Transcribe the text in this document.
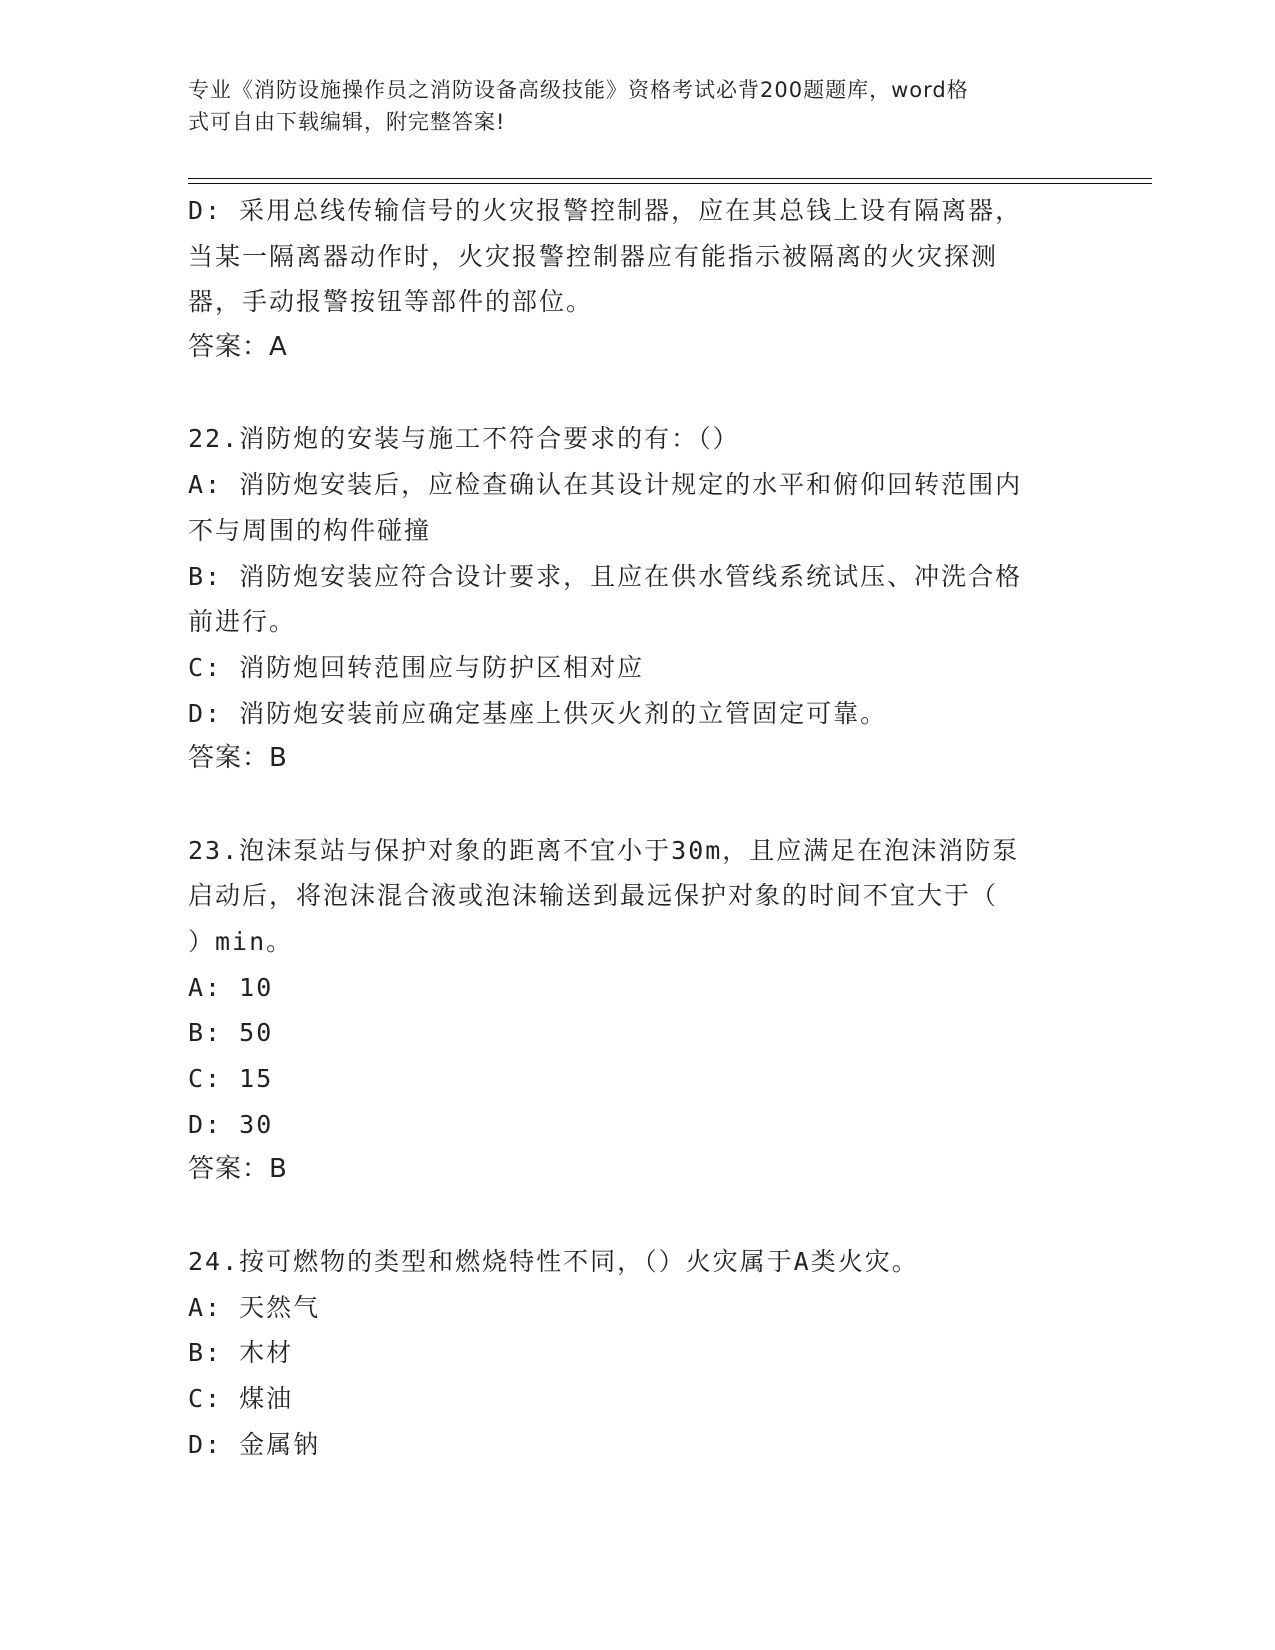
专业《消防设施操作员之消防设备高级技能》资格考试必背200题题库，word格
式可自由下载编辑，附完整答案!
D: 采用总线传输信号的火灾报警控制器，应在其总钱上设有隔离器，
当某一隔离器动作时，火灾报警控制器应有能指示被隔离的火灾探测
器，手动报警按钮等部件的部位。
答案：A
22.消防炮的安装与施工不符合要求的有：（）
A: 消防炮安装后，应检查确认在其设计规定的水平和俯仰回转范围内
不与周围的构件碰撞
B: 消防炮安装应符合设计要求，且应在供水管线系统试压、冲洗合格
前进行。
C: 消防炮回转范围应与防护区相对应
D: 消防炮安装前应确定基座上供灭火剂的立管固定可靠。
答案：B
23.泡沫泵站与保护对象的距离不宜小于30m，且应满足在泡沫消防泵
启动后，将泡沫混合液或泡沫输送到最远保护对象的时间不宜大于（
）min。
A: 10
B: 50
C: 15
D: 30
答案：B
24.按可燃物的类型和燃烧特性不同，（）火灾属于A类火灾。
A: 天然气
B: 木材
C: 煤油
D: 金属钠
